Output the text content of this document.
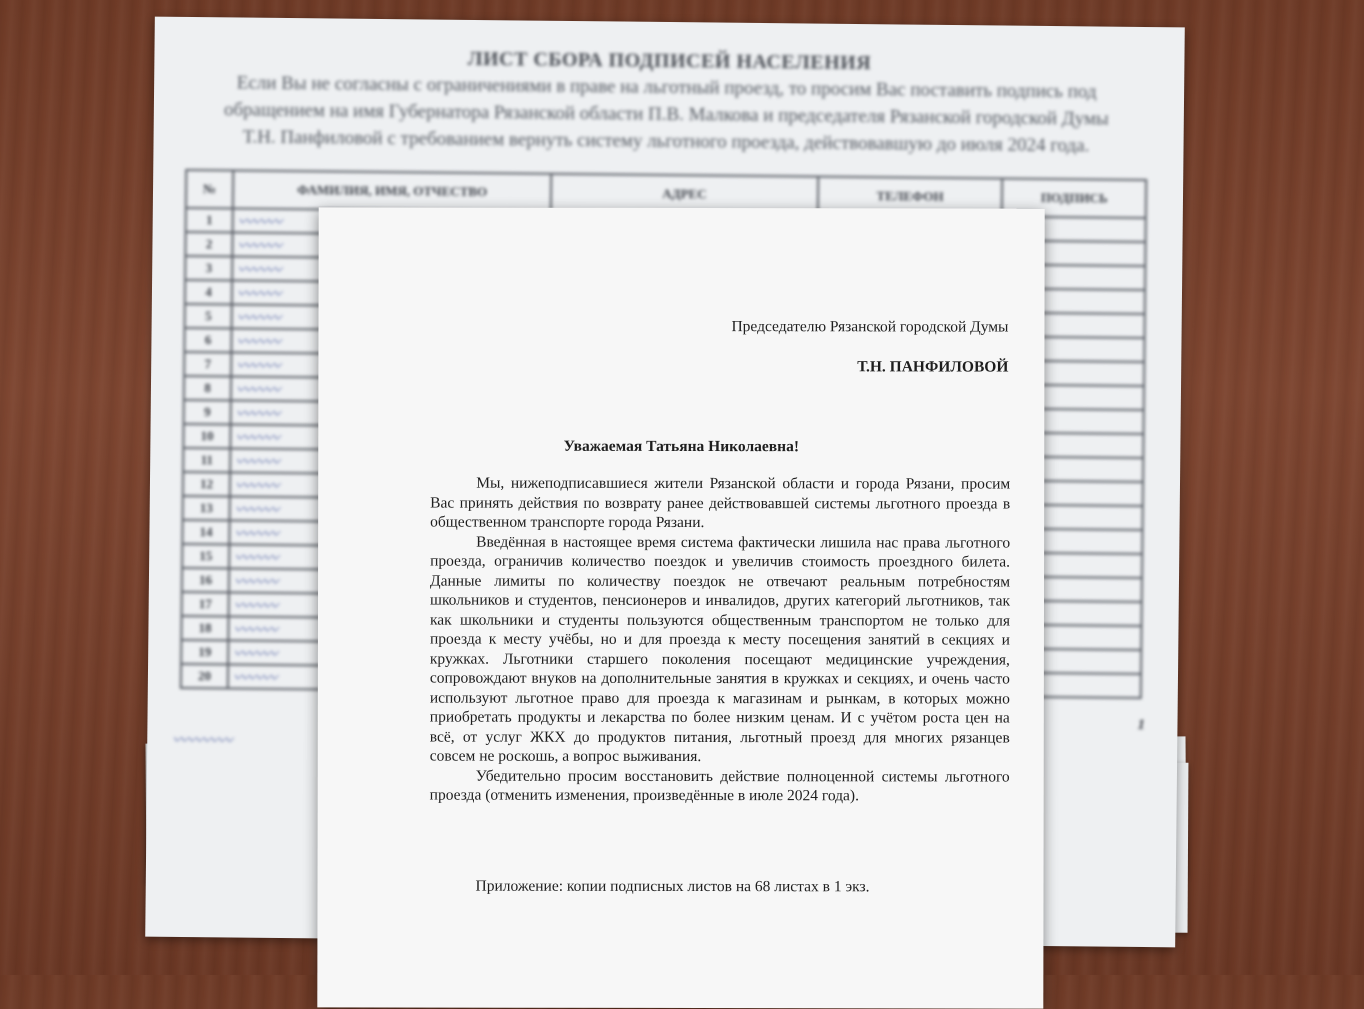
ЛИСТ СБОРА ПОДПИСЕЙ НАСЕЛЕНИЯ
Если Вы не согласны с ограничениями в праве на льготный проезд, то просим Вас поставить подпись под обращением на имя Губернатора Рязанской области П.В. Малкова и председателя Рязанской городской Думы Т.Н. Панфиловой с требованием вернуть систему льготного проезда, действовавшую до июля 2024 года.
№	ФАМИЛИЯ, ИМЯ, ОТЧЕСТВО	АДРЕС	ТЕЛЕФОН	ПОДПИСЬ
1	〰〰〰			
2	〰〰〰			
3	〰〰〰			
4	〰〰〰			
5	〰〰〰			
6	〰〰〰			
7	〰〰〰			
8	〰〰〰			
9	〰〰〰			
10	〰〰〰			
11	〰〰〰			
12	〰〰〰			
13	〰〰〰			
14	〰〰〰			
15	〰〰〰			
16	〰〰〰			
17	〰〰〰			
18	〰〰〰			
19	〰〰〰			
20	〰〰〰			
1
〰〰〰〰
Председателю Рязанской городской Думы
Т.Н. ПАНФИЛОВОЙ
Уважаемая Татьяна Николаевна!

Мы, нижеподписавшиеся жители Рязанской области и города Рязани, просим Вас принять действия по возврату ранее действовавшей системы льготного проезда в общественном транспорте города Рязани.

Введённая в настоящее время система фактически лишила нас права льготного проезда, ограничив количество поездок и увеличив стоимость проездного билета. Данные лимиты по количеству поездок не отвечают реальным потребностям школьников и студентов, пенсионеров и инвалидов, других категорий льготников, так как школьники и студенты пользуются общественным транспортом не только для проезда к месту учёбы, но и для проезда к месту посещения занятий в секциях и кружках. Льготники старшего поколения посещают медицинские учреждения, сопровождают внуков на дополнительные занятия в кружках и секциях, и очень часто используют льготное право для проезда к магазинам и рынкам, в которых можно приобретать продукты и лекарства по более низким ценам. И с учётом роста цен на всё, от услуг ЖКХ до продуктов питания, льготный проезд для многих рязанцев совсем не роскошь, а вопрос выживания.

Убедительно просим восстановить действие полноценной системы льготного проезда (отменить изменения, произведённые в июле 2024 года).

Приложение: копии подписных листов на 68 листах в 1 экз.
